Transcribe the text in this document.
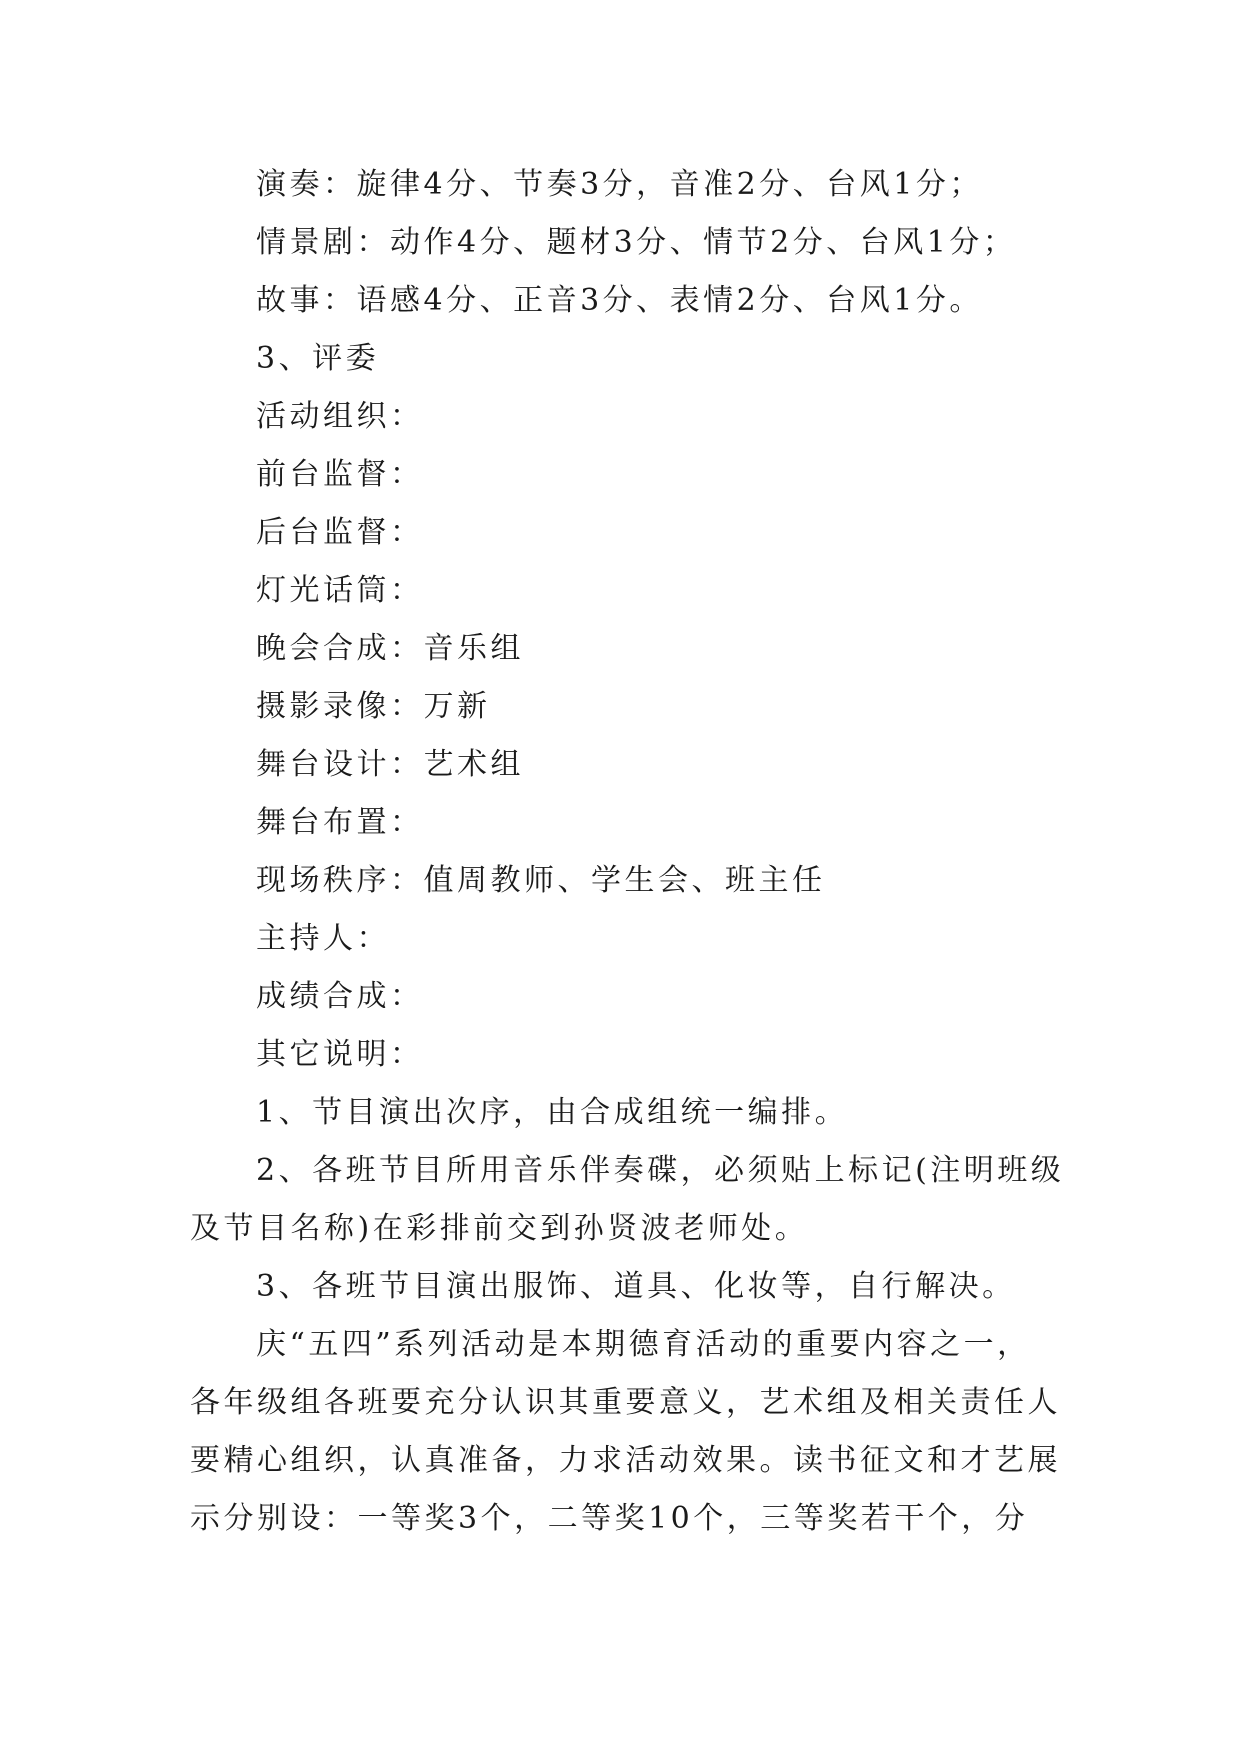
演奏：旋律4分、节奏3分，音准2分、台风1分；
情景剧：动作4分、题材3分、情节2分、台风1分；
故事：语感4分、正音3分、表情2分、台风1分。
3、评委
活动组织：
前台监督：
后台监督：
灯光话筒：
晚会合成：音乐组
摄影录像：万新
舞台设计：艺术组
舞台布置：
现场秩序：值周教师、学生会、班主任
主持人：
成绩合成：
其它说明：
1、节目演出次序，由合成组统一编排。
2、各班节目所用音乐伴奏碟，必须贴上标记(注明班级
及节目名称)在彩排前交到孙贤波老师处。
3、各班节目演出服饰、道具、化妆等，自行解决。
庆“五四”系列活动是本期德育活动的重要内容之一，
各年级组各班要充分认识其重要意义，艺术组及相关责任人
要精心组织，认真准备，力求活动效果。读书征文和才艺展
示分别设：一等奖3个，二等奖10个，三等奖若干个，分
